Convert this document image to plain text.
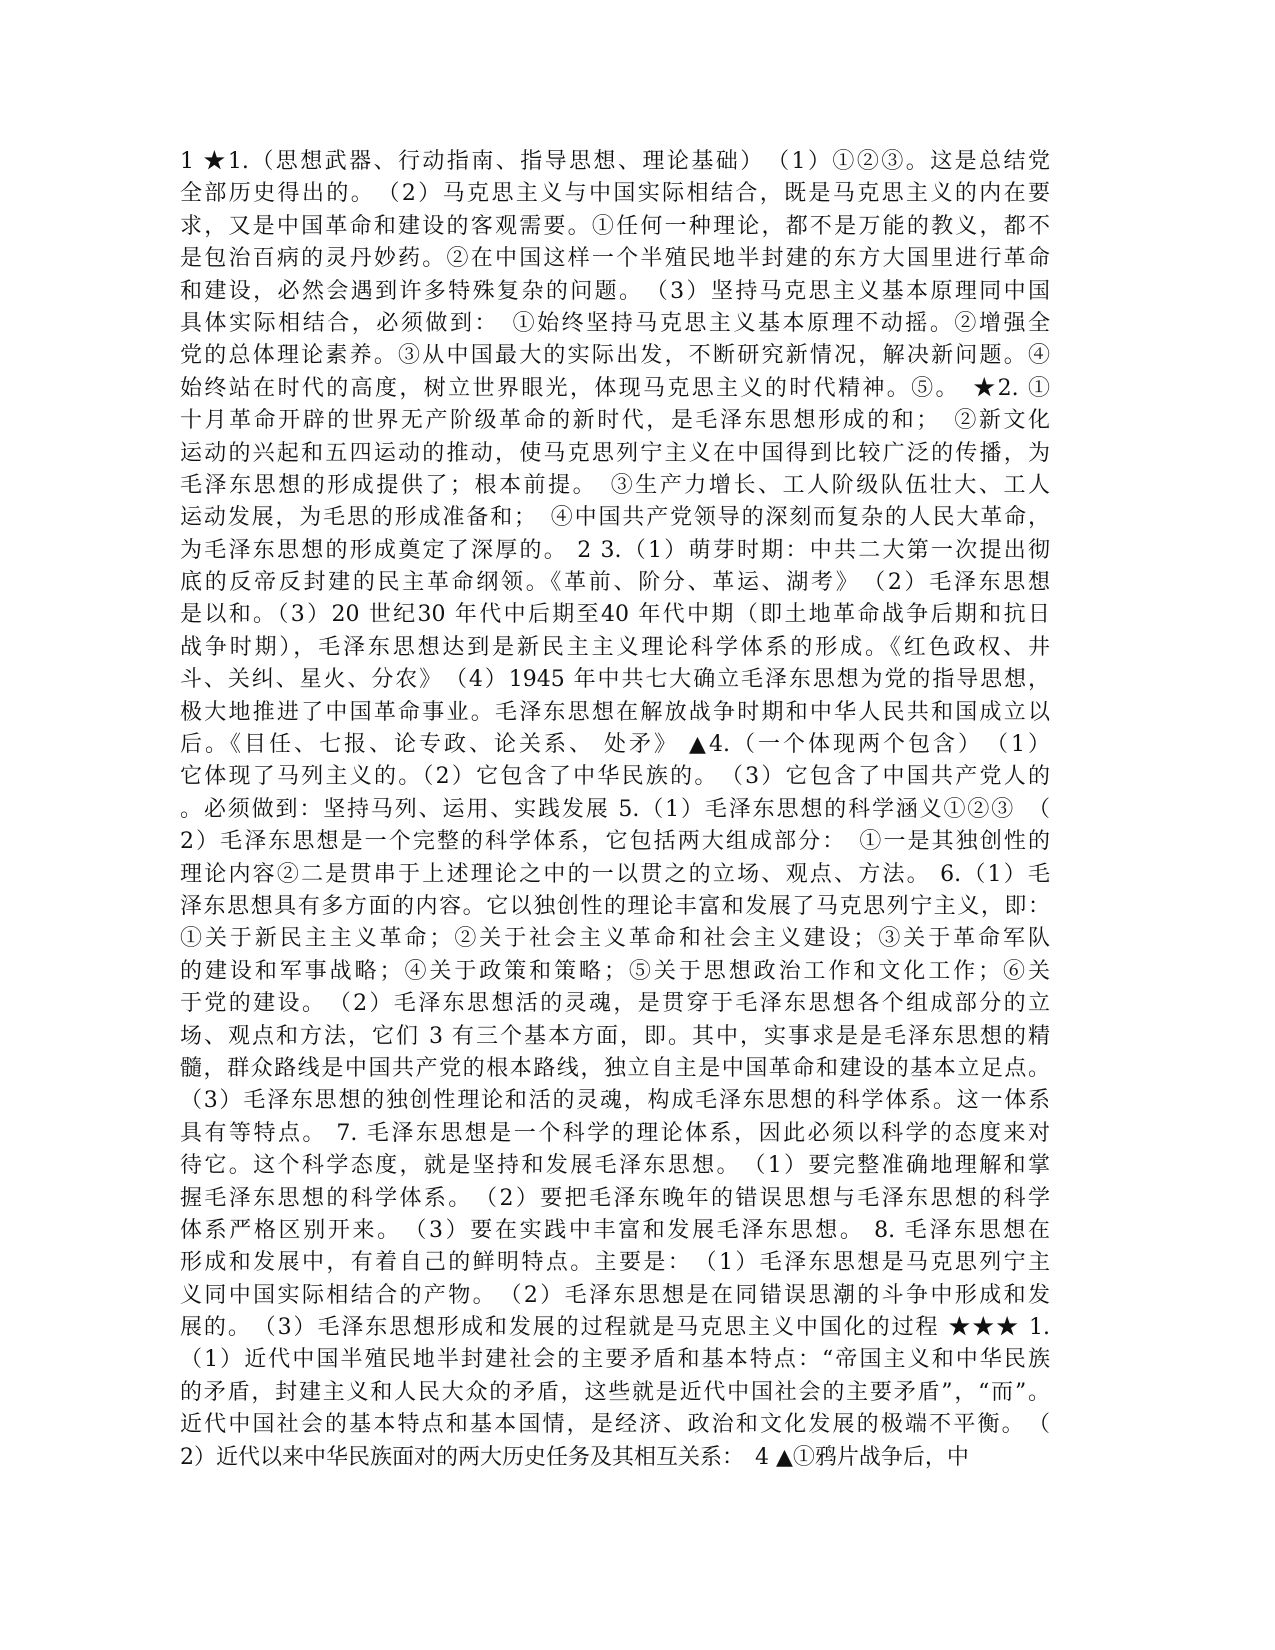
1 ★1.（思想武器、行动指南、指导思想、理论基础）　（1）①②③。这是总结党
全部历史得出的。　（2）马克思主义与中国实际相结合，既是马克思主义的内在要
求，又是中国革命和建设的客观需要。①任何一种理论，都不是万能的教义，都不
是包治百病的灵丹妙药。②在中国这样一个半殖民地半封建的东方大国里进行革命
和建设，必然会遇到许多特殊复杂的问题。　（3）坚持马克思主义基本原理同中国
具体实际相结合，必须做到：　①始终坚持马克思主义基本原理不动摇。②增强全
党的总体理论素养。③从中国最大的实际出发，不断研究新情况，解决新问题。④
始终站在时代的高度，树立世界眼光，体现马克思主义的时代精神。⑤。　★2. ①
十月革命开辟的世界无产阶级革命的新时代，是毛泽东思想形成的和；　②新文化
运动的兴起和五四运动的推动，使马克思列宁主义在中国得到比较广泛的传播，为
毛泽东思想的形成提供了；根本前提。　③生产力增长、工人阶级队伍壮大、工人
运动发展，为毛思的形成准备和；　④中国共产党领导的深刻而复杂的人民大革命，
为毛泽东思想的形成奠定了深厚的。 2 3.（1）萌芽时期：中共二大第一次提出彻
底的反帝反封建的民主革命纲领。《革前、阶分、革运、湖考》　（2）毛泽东思想
是以和。（3）20 世纪30 年代中后期至40 年代中期（即土地革命战争后期和抗日
战争时期），毛泽东思想达到是新民主主义理论科学体系的形成。《红色政权、井
斗、关纠、星火、分农》　（4）1945 年中共七大确立毛泽东思想为党的指导思想，
极大地推进了中国革命事业。毛泽东思想在解放战争时期和中华人民共和国成立以
后。《目任、七报、论专政、论关系、 处矛》 ▲4.（一个体现两个包含）　（1）
它体现了马列主义的。（2）它包含了中华民族的。　（3）它包含了中国共产党人的
。必须做到：坚持马列、运用、实践发展 5.（1）毛泽东思想的科学涵义①②③　（
2）毛泽东思想是一个完整的科学体系，它包括两大组成部分：　①一是其独创性的
理论内容②二是贯串于上述理论之中的一以贯之的立场、观点、方法。 6.（1）毛
泽东思想具有多方面的内容。它以独创性的理论丰富和发展了马克思列宁主义，即：
①关于新民主主义革命；②关于社会主义革命和社会主义建设；③关于革命军队
的建设和军事战略；④关于政策和策略；⑤关于思想政治工作和文化工作；⑥关
于党的建设。　（2）毛泽东思想活的灵魂，是贯穿于毛泽东思想各个组成部分的立
场、观点和方法，它们 3 有三个基本方面，即。其中，实事求是是毛泽东思想的精
髓，群众路线是中国共产党的根本路线，独立自主是中国革命和建设的基本立足点。
（3）毛泽东思想的独创性理论和活的灵魂，构成毛泽东思想的科学体系。这一体系
具有等特点。 7. 毛泽东思想是一个科学的理论体系，因此必须以科学的态度来对
待它。这个科学态度，就是坚持和发展毛泽东思想。　（1）要完整准确地理解和掌
握毛泽东思想的科学体系。　（2）要把毛泽东晚年的错误思想与毛泽东思想的科学
体系严格区别开来。　（3）要在实践中丰富和发展毛泽东思想。 8. 毛泽东思想在
形成和发展中，有着自己的鲜明特点。主要是：　（1）毛泽东思想是马克思列宁主
义同中国实际相结合的产物。　（2）毛泽东思想是在同错误思潮的斗争中形成和发
展的。　（3）毛泽东思想形成和发展的过程就是马克思主义中国化的过程 ★★★ 1.
（1）近代中国半殖民地半封建社会的主要矛盾和基本特点：“帝国主义和中华民族
的矛盾，封建主义和人民大众的矛盾，这些就是近代中国社会的主要矛盾”，“而”。
近代中国社会的基本特点和基本国情，是经济、政治和文化发展的极端不平衡。　（
2）近代以来中华民族面对的两大历史任务及其相互关系：　4 ▲①鸦片战争后，中
